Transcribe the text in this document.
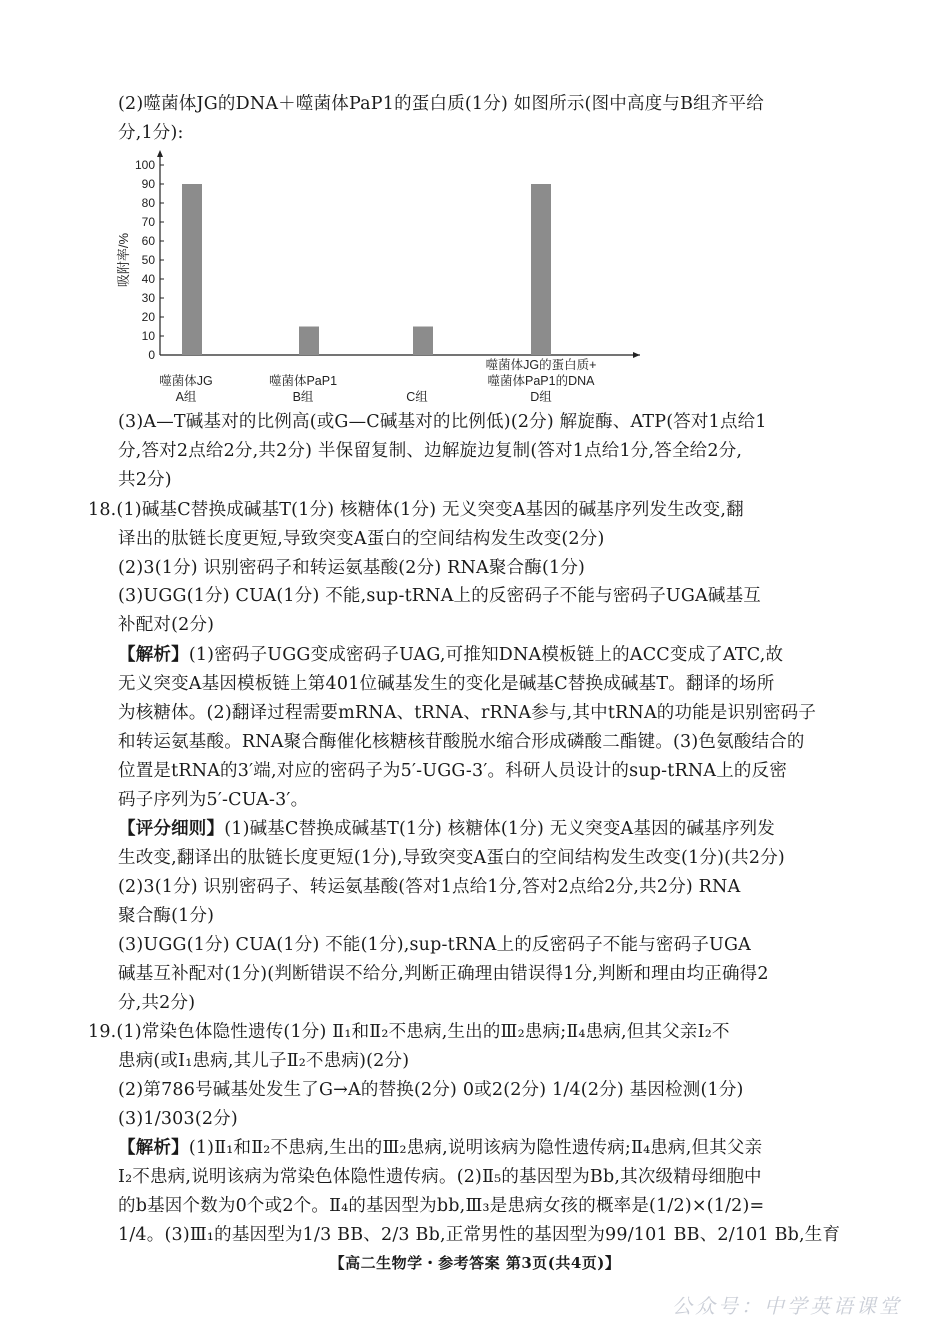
(2)噬菌体JG的DNA＋噬菌体PaP1的蛋白质(1分) 如图所示(图中高度与B组齐平给
分,1分):
0
10
20
30
40
50
60
70
80
90
100
吸附率/%
噬菌体JG
A组
噬菌体PaP1
B组	C组
噬菌体JG的蛋白质+
噬菌体PaP1的DNA
D组
(3)A—T碱基对的比例高(或G—C碱基对的比例低)(2分) 解旋酶、ATP(答对1点给1
分,答对2点给2分,共2分) 半保留复制、边解旋边复制(答对1点给1分,答全给2分,
共2分)
18.(1)碱基C替换成碱基T(1分) 核糖体(1分) 无义突变A基因的碱基序列发生改变,翻
译出的肽链长度更短,导致突变A蛋白的空间结构发生改变(2分)
(2)3(1分) 识别密码子和转运氨基酸(2分) RNA聚合酶(1分)
(3)UGG(1分) CUA(1分) 不能,sup-tRNA上的反密码子不能与密码子UGA碱基互
补配对(2分)
【解析】(1)密码子UGG变成密码子UAG,可推知DNA模板链上的ACC变成了ATC,故
无义突变A基因模板链上第401位碱基发生的变化是碱基C替换成碱基T。翻译的场所
为核糖体。(2)翻译过程需要mRNA、tRNA、rRNA参与,其中tRNA的功能是识别密码子
和转运氨基酸。RNA聚合酶催化核糖核苷酸脱水缩合形成磷酸二酯键。(3)色氨酸结合的
位置是tRNA的3′端,对应的密码子为5′-UGG-3′。科研人员设计的sup-tRNA上的反密
码子序列为5′-CUA-3′。
【评分细则】(1)碱基C替换成碱基T(1分) 核糖体(1分) 无义突变A基因的碱基序列发
生改变,翻译出的肽链长度更短(1分),导致突变A蛋白的空间结构发生改变(1分)(共2分)
(2)3(1分) 识别密码子、转运氨基酸(答对1点给1分,答对2点给2分,共2分) RNA
聚合酶(1分)
(3)UGG(1分) CUA(1分) 不能(1分),sup-tRNA上的反密码子不能与密码子UGA
碱基互补配对(1分)(判断错误不给分,判断正确理由错误得1分,判断和理由均正确得2
分,共2分)
19.(1)常染色体隐性遗传(1分) Ⅱ₁和Ⅱ₂不患病,生出的Ⅲ₂患病;Ⅱ₄患病,但其父亲Ⅰ₂不
患病(或Ⅰ₁患病,其儿子Ⅱ₂不患病)(2分)
(2)第786号碱基处发生了G→A的替换(2分) 0或2(2分) 1/4(2分) 基因检测(1分)
(3)1/303(2分)
【解析】(1)Ⅱ₁和Ⅱ₂不患病,生出的Ⅲ₂患病,说明该病为隐性遗传病;Ⅱ₄患病,但其父亲
Ⅰ₂不患病,说明该病为常染色体隐性遗传病。(2)Ⅱ₅的基因型为Bb,其次级精母细胞中
的b基因个数为0个或2个。Ⅱ₄的基因型为bb,Ⅲ₃是患病女孩的概率是(1/2)×(1/2)=
1/4。(3)Ⅲ₁的基因型为1/3 BB、2/3 Bb,正常男性的基因型为99/101 BB、2/101 Bb,生育
【高二生物学・参考答案 第3页(共4页)】
公众号：中学英语课堂
